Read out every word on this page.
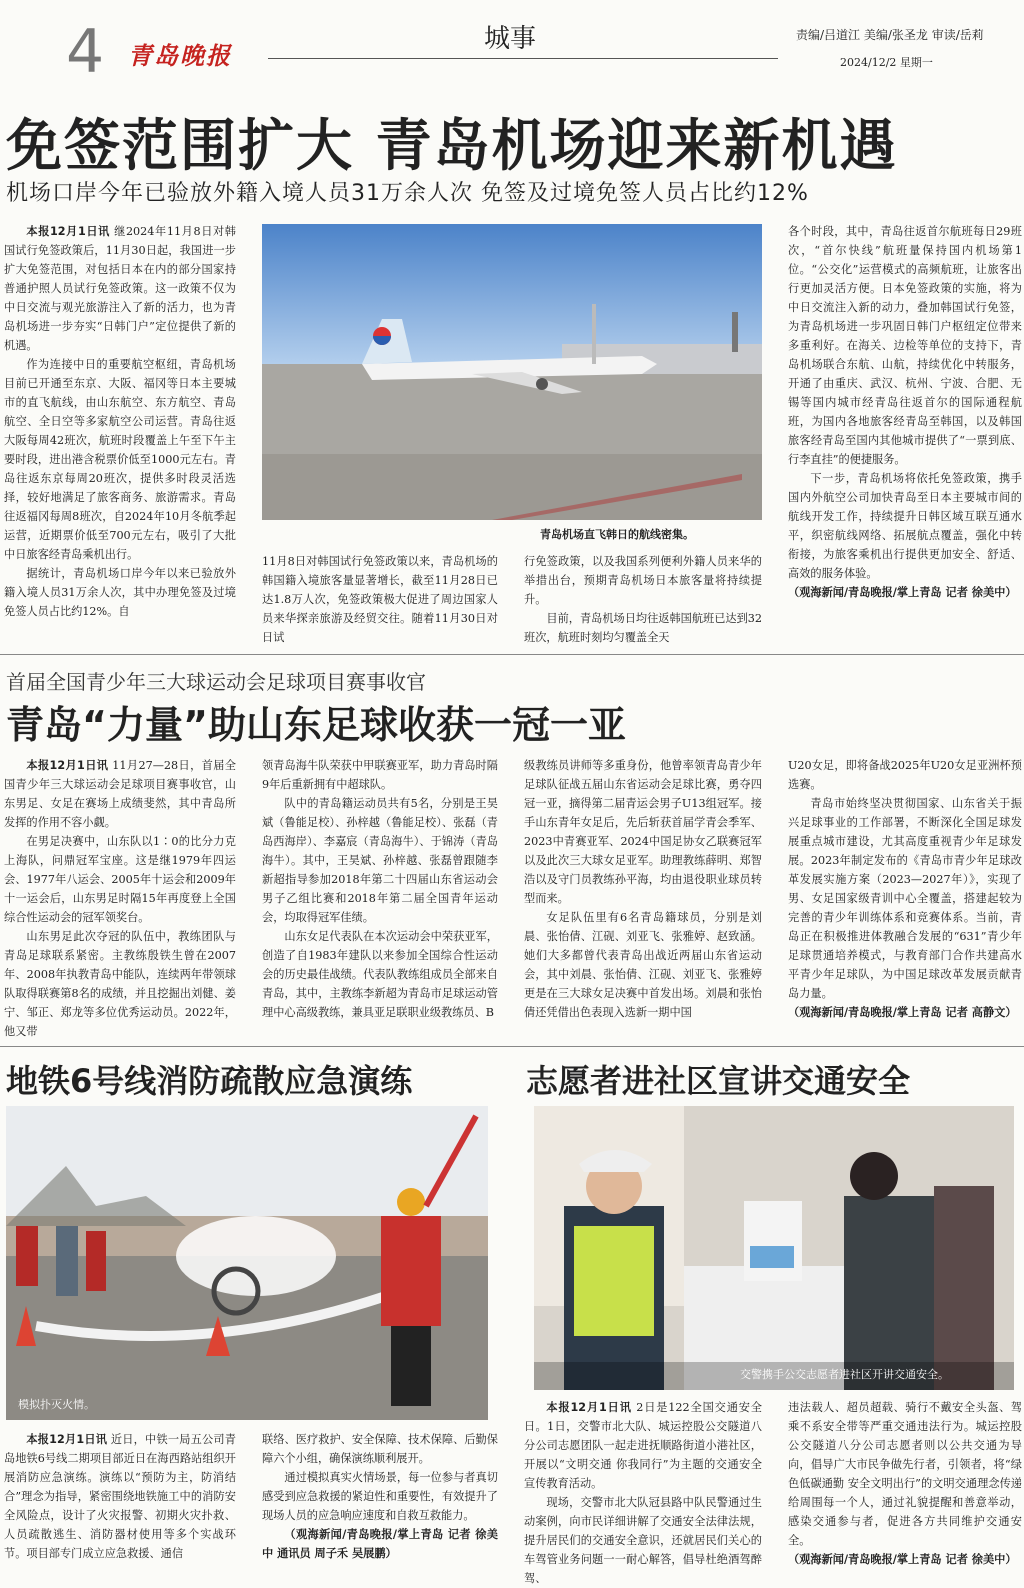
4 青岛晚报
城事	责编/吕道江 美编/张圣龙 审读/岳莉
2024/12/2 星期一
免签范围扩大 青岛机场迎来新机遇
机场口岸今年已验放外籍入境人员31万余人次 免签及过境免签人员占比约12%

本报12月1日讯 继2024年11月8日对韩国试行免签政策后，11月30日起，我国进一步扩大免签范围，对包括日本在内的部分国家持普通护照人员试行免签政策。这一政策不仅为中日交流与观光旅游注入了新的活力，也为青岛机场进一步夯实“日韩门户”定位提供了新的机遇。

作为连接中日的重要航空枢纽，青岛机场目前已开通至东京、大阪、福冈等日本主要城市的直飞航线，由山东航空、东方航空、青岛航空、全日空等多家航空公司运营。青岛往返大阪每周42班次，航班时段覆盖上午至下午主要时段，进出港含税票价低至1000元左右。青岛往返东京每周20班次，提供多时段灵活选择，较好地满足了旅客商务、旅游需求。青岛往返福冈每周8班次，自2024年10月冬航季起运营，近期票价低至700元左右，吸引了大批中日旅客经青岛乘机出行。

据统计，青岛机场口岸今年以来已验放外籍入境人员31万余人次，其中办理免签及过境免签人员占比约12%。自

青岛机场直飞韩日的航线密集。

11月8日对韩国试行免签政策以来，青岛机场的韩国籍入境旅客量显著增长，截至11月28日已达1.8万人次，免签政策极大促进了周边国家人员来华探亲旅游及经贸交往。随着11月30日对日试

行免签政策，以及我国系列便利外籍人员来华的举措出台，预期青岛机场日本旅客量将持续提升。

目前，青岛机场日均往返韩国航班已达到32班次，航班时刻均匀覆盖全天

各个时段，其中，青岛往返首尔航班每日29班次，“首尔快线”航班量保持国内机场第1位。“公交化”运营模式的高频航班，让旅客出行更加灵活方便。日本免签政策的实施，将为中日交流注入新的动力，叠加韩国试行免签，为青岛机场进一步巩固日韩门户枢纽定位带来多重利好。在海关、边检等单位的支持下，青岛机场联合东航、山航，持续优化中转服务，开通了由重庆、武汉、杭州、宁波、合肥、无锡等国内城市经青岛往返首尔的国际通程航班，为国内各地旅客经青岛至韩国，以及韩国旅客经青岛至国内其他城市提供了“一票到底、行李直挂”的便捷服务。

下一步，青岛机场将依托免签政策，携手国内外航空公司加快青岛至日本主要城市间的航线开发工作，持续提升日韩区域互联互通水平，织密航线网络、拓展航点覆盖，强化中转衔接，为旅客乘机出行提供更加安全、舒适、高效的服务体验。

（观海新闻/青岛晚报/掌上青岛 记者 徐美中）

首届全国青少年三大球运动会足球项目赛事收官
青岛“力量”助山东足球收获一冠一亚

本报12月1日讯 11月27—28日，首届全国青少年三大球运动会足球项目赛事收官，山东男足、女足在赛场上成绩斐然，其中青岛所发挥的作用不容小觑。

在男足决赛中，山东队以1∶0的比分力克上海队，问鼎冠军宝座。这是继1979年四运会、1977年八运会、2005年十运会和2009年十一运会后，山东男足时隔15年再度登上全国综合性运动会的冠军领奖台。

山东男足此次夺冠的队伍中，教练团队与青岛足球联系紧密。主教练殷铁生曾在2007年、2008年执教青岛中能队，连续两年带领球队取得联赛第8名的成绩，并且挖掘出刘健、姜宁、邹正、郑龙等多位优秀运动员。2022年，他又带

领青岛海牛队荣获中甲联赛亚军，助力青岛时隔9年后重新拥有中超球队。

队中的青岛籍运动员共有5名，分别是王昊斌（鲁能足校）、孙梓越（鲁能足校）、张磊（青岛西海岸）、李嘉宸（青岛海牛）、于锦涛（青岛海牛）。其中，王昊斌、孙梓越、张磊曾跟随李新超指导参加2018年第二十四届山东省运动会男子乙组比赛和2018年第二届全国青年运动会，均取得冠军佳绩。

山东女足代表队在本次运动会中荣获亚军，创造了自1983年建队以来参加全国综合性运动会的历史最佳战绩。代表队教练组成员全部来自青岛，其中，主教练李新超为青岛市足球运动管理中心高级教练，兼具亚足联职业级教练员、B

级教练员讲师等多重身份，他曾率领青岛青少年足球队征战五届山东省运动会足球比赛，勇夺四冠一亚，摘得第二届青运会男子U13组冠军。接手山东青年女足后，先后斩获首届学青会季军、2023中青赛亚军、2024中国足协女乙联赛冠军以及此次三大球女足亚军。助理教练薛明、郑智浩以及守门员教练孙平海，均由退役职业球员转型而来。

女足队伍里有6名青岛籍球员，分别是刘晨、张怡倩、江砚、刘亚飞、张雅婷、赵致涵。她们大多都曾代表青岛出战近两届山东省运动会，其中刘晨、张怡倩、江砚、刘亚飞、张雅婷更是在三大球女足决赛中首发出场。刘晨和张怡倩还凭借出色表现入选新一期中国

U20女足，即将备战2025年U20女足亚洲杯预选赛。

青岛市始终坚决贯彻国家、山东省关于振兴足球事业的工作部署，不断深化全国足球发展重点城市建设，尤其高度重视青少年足球发展。2023年制定发布的《青岛市青少年足球改革发展实施方案（2023—2027年）》，实现了男、女足国家级青训中心全覆盖，搭建起较为完善的青少年训练体系和竞赛体系。当前，青岛正在积极推进体教融合发展的“631”青少年足球贯通培养模式，与教育部门合作共建高水平青少年足球队，为中国足球改革发展贡献青岛力量。

（观海新闻/青岛晚报/掌上青岛 记者 高静文）

地铁6号线消防疏散应急演练
模拟扑灭火情。

本报12月1日讯 近日，中铁一局五公司青岛地铁6号线二期项目部近日在海西路站组织开展消防应急演练。演练以“预防为主，防消结合”理念为指导，紧密围绕地铁施工中的消防安全风险点，设计了火灾报警、初期火灾扑救、人员疏散逃生、消防器材使用等多个实战环节。项目部专门成立应急救援、通信

联络、医疗救护、安全保障、技术保障、后勤保障六个小组，确保演练顺利展开。

通过模拟真实火情场景，每一位参与者真切感受到应急救援的紧迫性和重要性，有效提升了现场人员的应急响应速度和自救互救能力。

（观海新闻/青岛晚报/掌上青岛 记者 徐美中 通讯员 周子禾 吴展鹏）

志愿者进社区宣讲交通安全
交警携手公交志愿者进社区开讲交通安全。

本报12月1日讯 2日是122全国交通安全日。1日，交警市北大队、城运控股公交隧道八分公司志愿团队一起走进抚顺路街道小港社区，开展以“文明交通 你我同行”为主题的交通安全宣传教育活动。

现场，交警市北大队冠县路中队民警通过生动案例，向市民详细讲解了交通安全法律法规，提升居民们的交通安全意识，还就居民们关心的车驾管业务问题一一耐心解答，倡导杜绝酒驾醉驾、

违法载人、超员超载、骑行不戴安全头盔、驾乘不系安全带等严重交通违法行为。城运控股公交隧道八分公司志愿者则以公共交通为导向，倡导广大市民争做先行者，引领者，将“绿色低碳通勤 安全文明出行”的文明交通理念传递给周围每一个人，通过礼貌提醒和善意举动，感染交通参与者，促进各方共同维护交通安全。

（观海新闻/青岛晚报/掌上青岛 记者 徐美中）
